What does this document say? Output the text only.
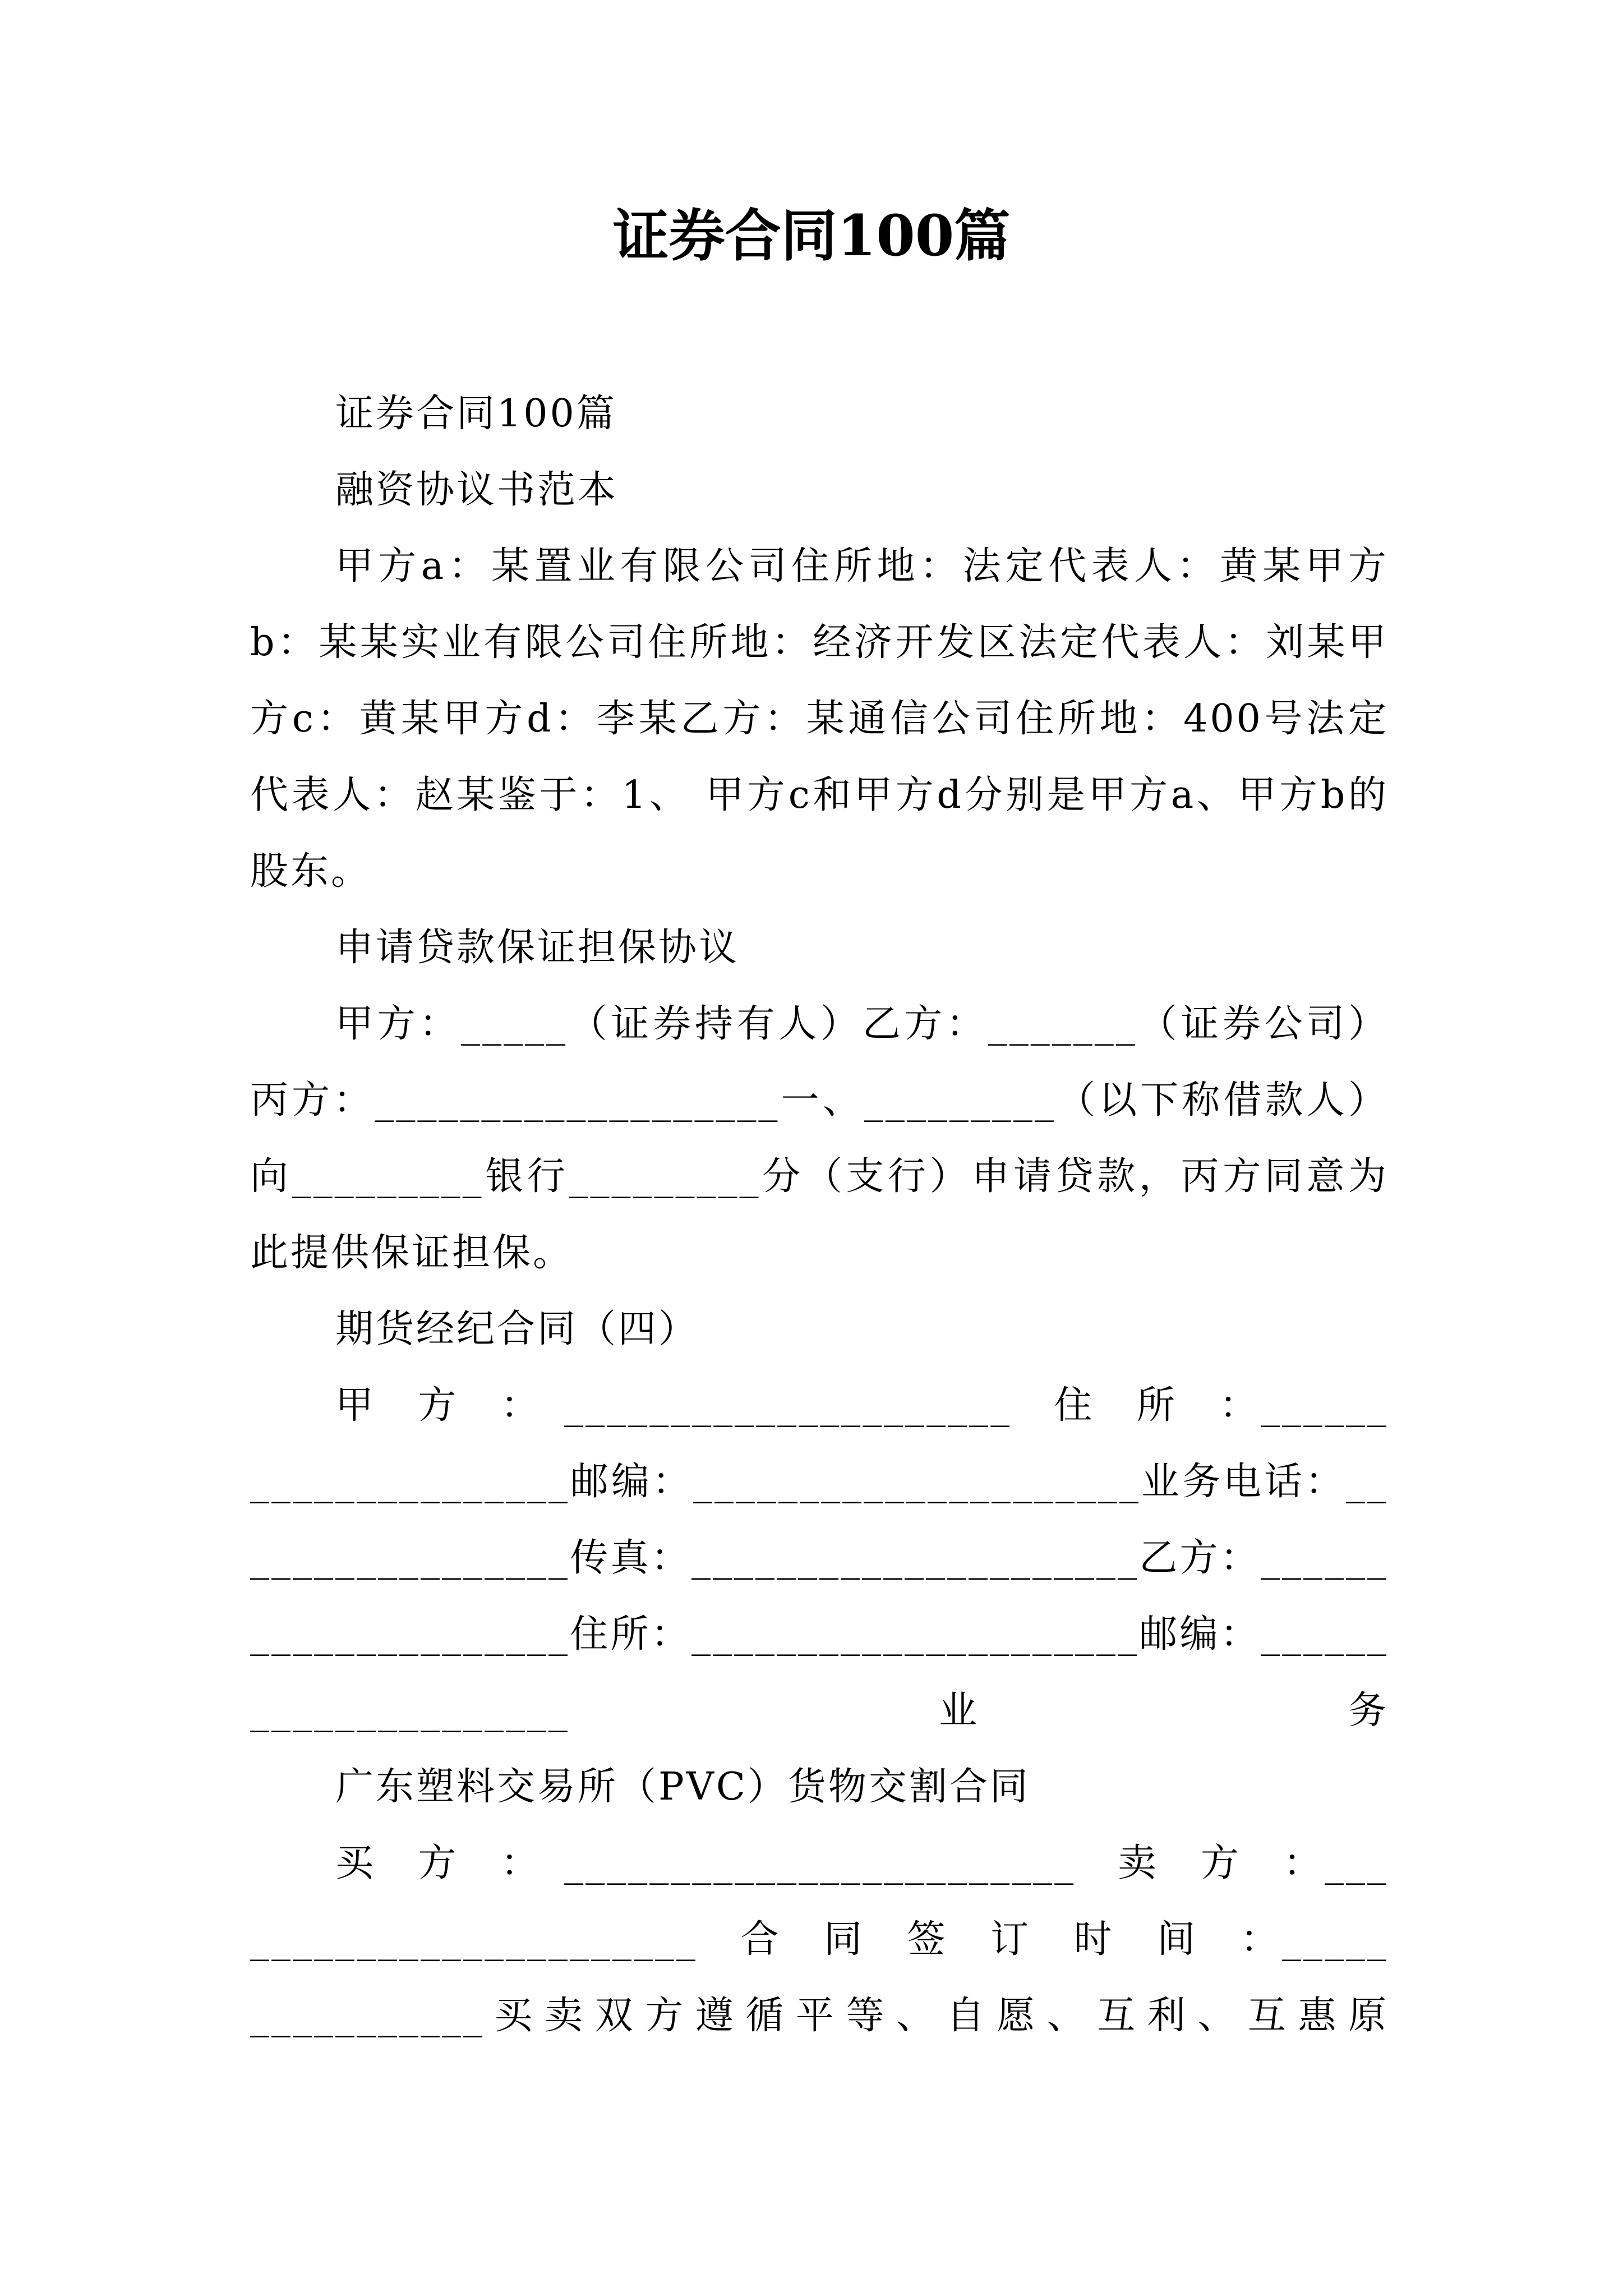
证券合同100篇

证券合同100篇

融资协议书范本

甲方a：某置业有限公司住所地：法定代表人：黄某甲方b：某某实业有限公司住所地：经济开发区法定代表人：刘某甲方c：黄某甲方d：李某乙方：某通信公司住所地：400号法定代表人：赵某鉴于：1、 甲方c和甲方d分别是甲方a、甲方b的股东。

申请贷款保证担保协议

甲方：_____（证券持有人）乙方：_______（证券公司）丙方：___________________一、_________（以下称借款人）向_________银行_________分（支行）申请贷款，丙方同意为此提供保证担保。

期货经纪合同（四）

甲　方　：　_____________________　住　所　：_____________________邮编：_____________________业务电话：_________________传真：_____________________乙方：_____________________住所：_____________________邮编：_____________________业务

广东塑料交易所（PVC）货物交割合同

买　方　：　________________________　卖　方　：________________________　合　同　签　订　时　间　：________________买卖双方遵循平等、自愿、互利、互惠原
